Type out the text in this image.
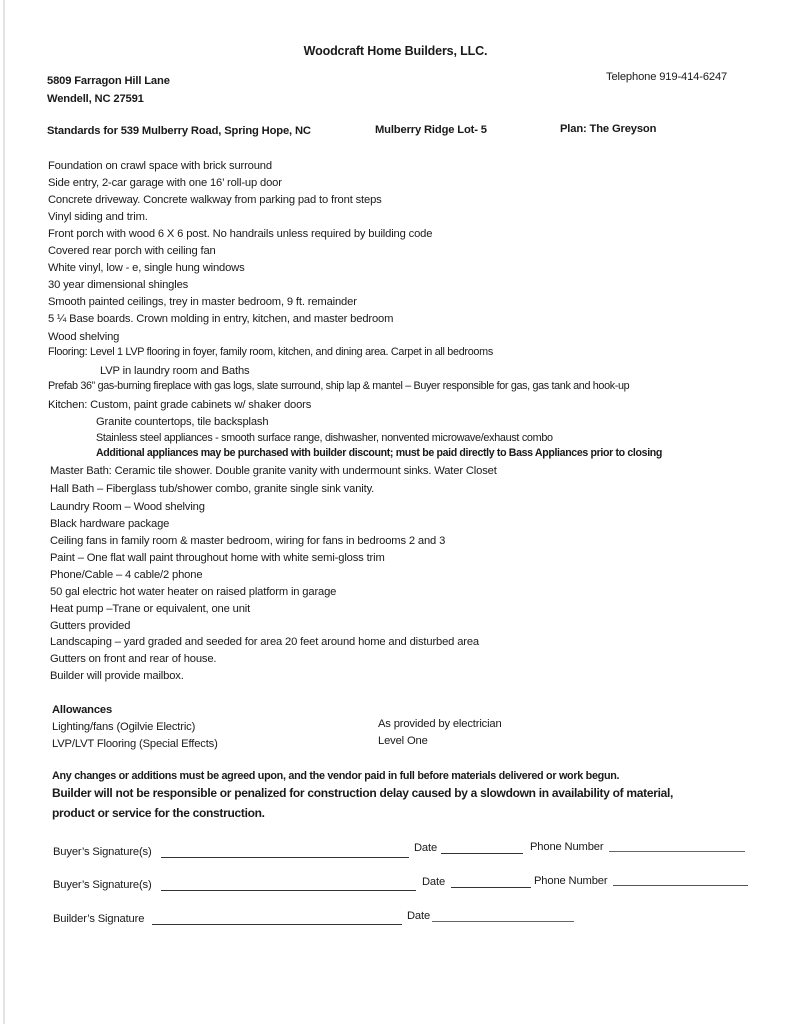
Woodcraft Home Builders, LLC.
5809 Farragon Hill Lane
Wendell, NC 27591
Telephone 919-414-6247
Standards for 539 Mulberry Road, Spring Hope, NC	Mulberry Ridge Lot- 5	Plan: The Greyson
Foundation on crawl space with brick surround
Side entry, 2-car garage with one 16’ roll-up door
Concrete driveway. Concrete walkway from parking pad to front steps
Vinyl siding and trim.
Front porch with wood 6 X 6 post. No handrails unless required by building code
Covered rear porch with ceiling fan
White vinyl, low - e, single hung windows
30 year dimensional shingles
Smooth painted ceilings, trey in master bedroom, 9 ft. remainder
5 ¼ Base boards. Crown molding in entry, kitchen, and master bedroom
Wood shelving
Flooring: Level 1 LVP flooring in foyer, family room, kitchen, and dining area. Carpet in all bedrooms
LVP in laundry room and Baths
Prefab 36” gas-burning fireplace with gas logs, slate surround, ship lap & mantel – Buyer responsible for gas, gas tank and hook-up
Kitchen: Custom, paint grade cabinets w/ shaker doors
Granite countertops, tile backsplash
Stainless steel appliances - smooth surface range, dishwasher, nonvented microwave/exhaust combo
Additional appliances may be purchased with builder discount; must be paid directly to Bass Appliances prior to closing
Master Bath: Ceramic tile shower. Double granite vanity with undermount sinks. Water Closet
Hall Bath – Fiberglass tub/shower combo, granite single sink vanity.
Laundry Room – Wood shelving
Black hardware package
Ceiling fans in family room & master bedroom, wiring for fans in bedrooms 2 and 3
Paint – One flat wall paint throughout home with white semi-gloss trim
Phone/Cable – 4 cable/2 phone
50 gal electric hot water heater on raised platform in garage
Heat pump –Trane or equivalent, one unit
Gutters provided
Landscaping – yard graded and seeded for area 20 feet around home and disturbed area
Gutters on front and rear of house.
Builder will provide mailbox.
Allowances
Lighting/fans (Ogilvie Electric)	As provided by electrician
LVP/LVT Flooring (Special Effects)	Level One
Any changes or additions must be agreed upon, and the vendor paid in full before materials delivered or work begun.
Builder will not be responsible or penalized for construction delay caused by a slowdown in availability of material,
product or service for the construction.
Buyer’s Signature(s)	Date	Phone Number
Buyer’s Signature(s)	Date	Phone Number
Builder’s Signature	Date
